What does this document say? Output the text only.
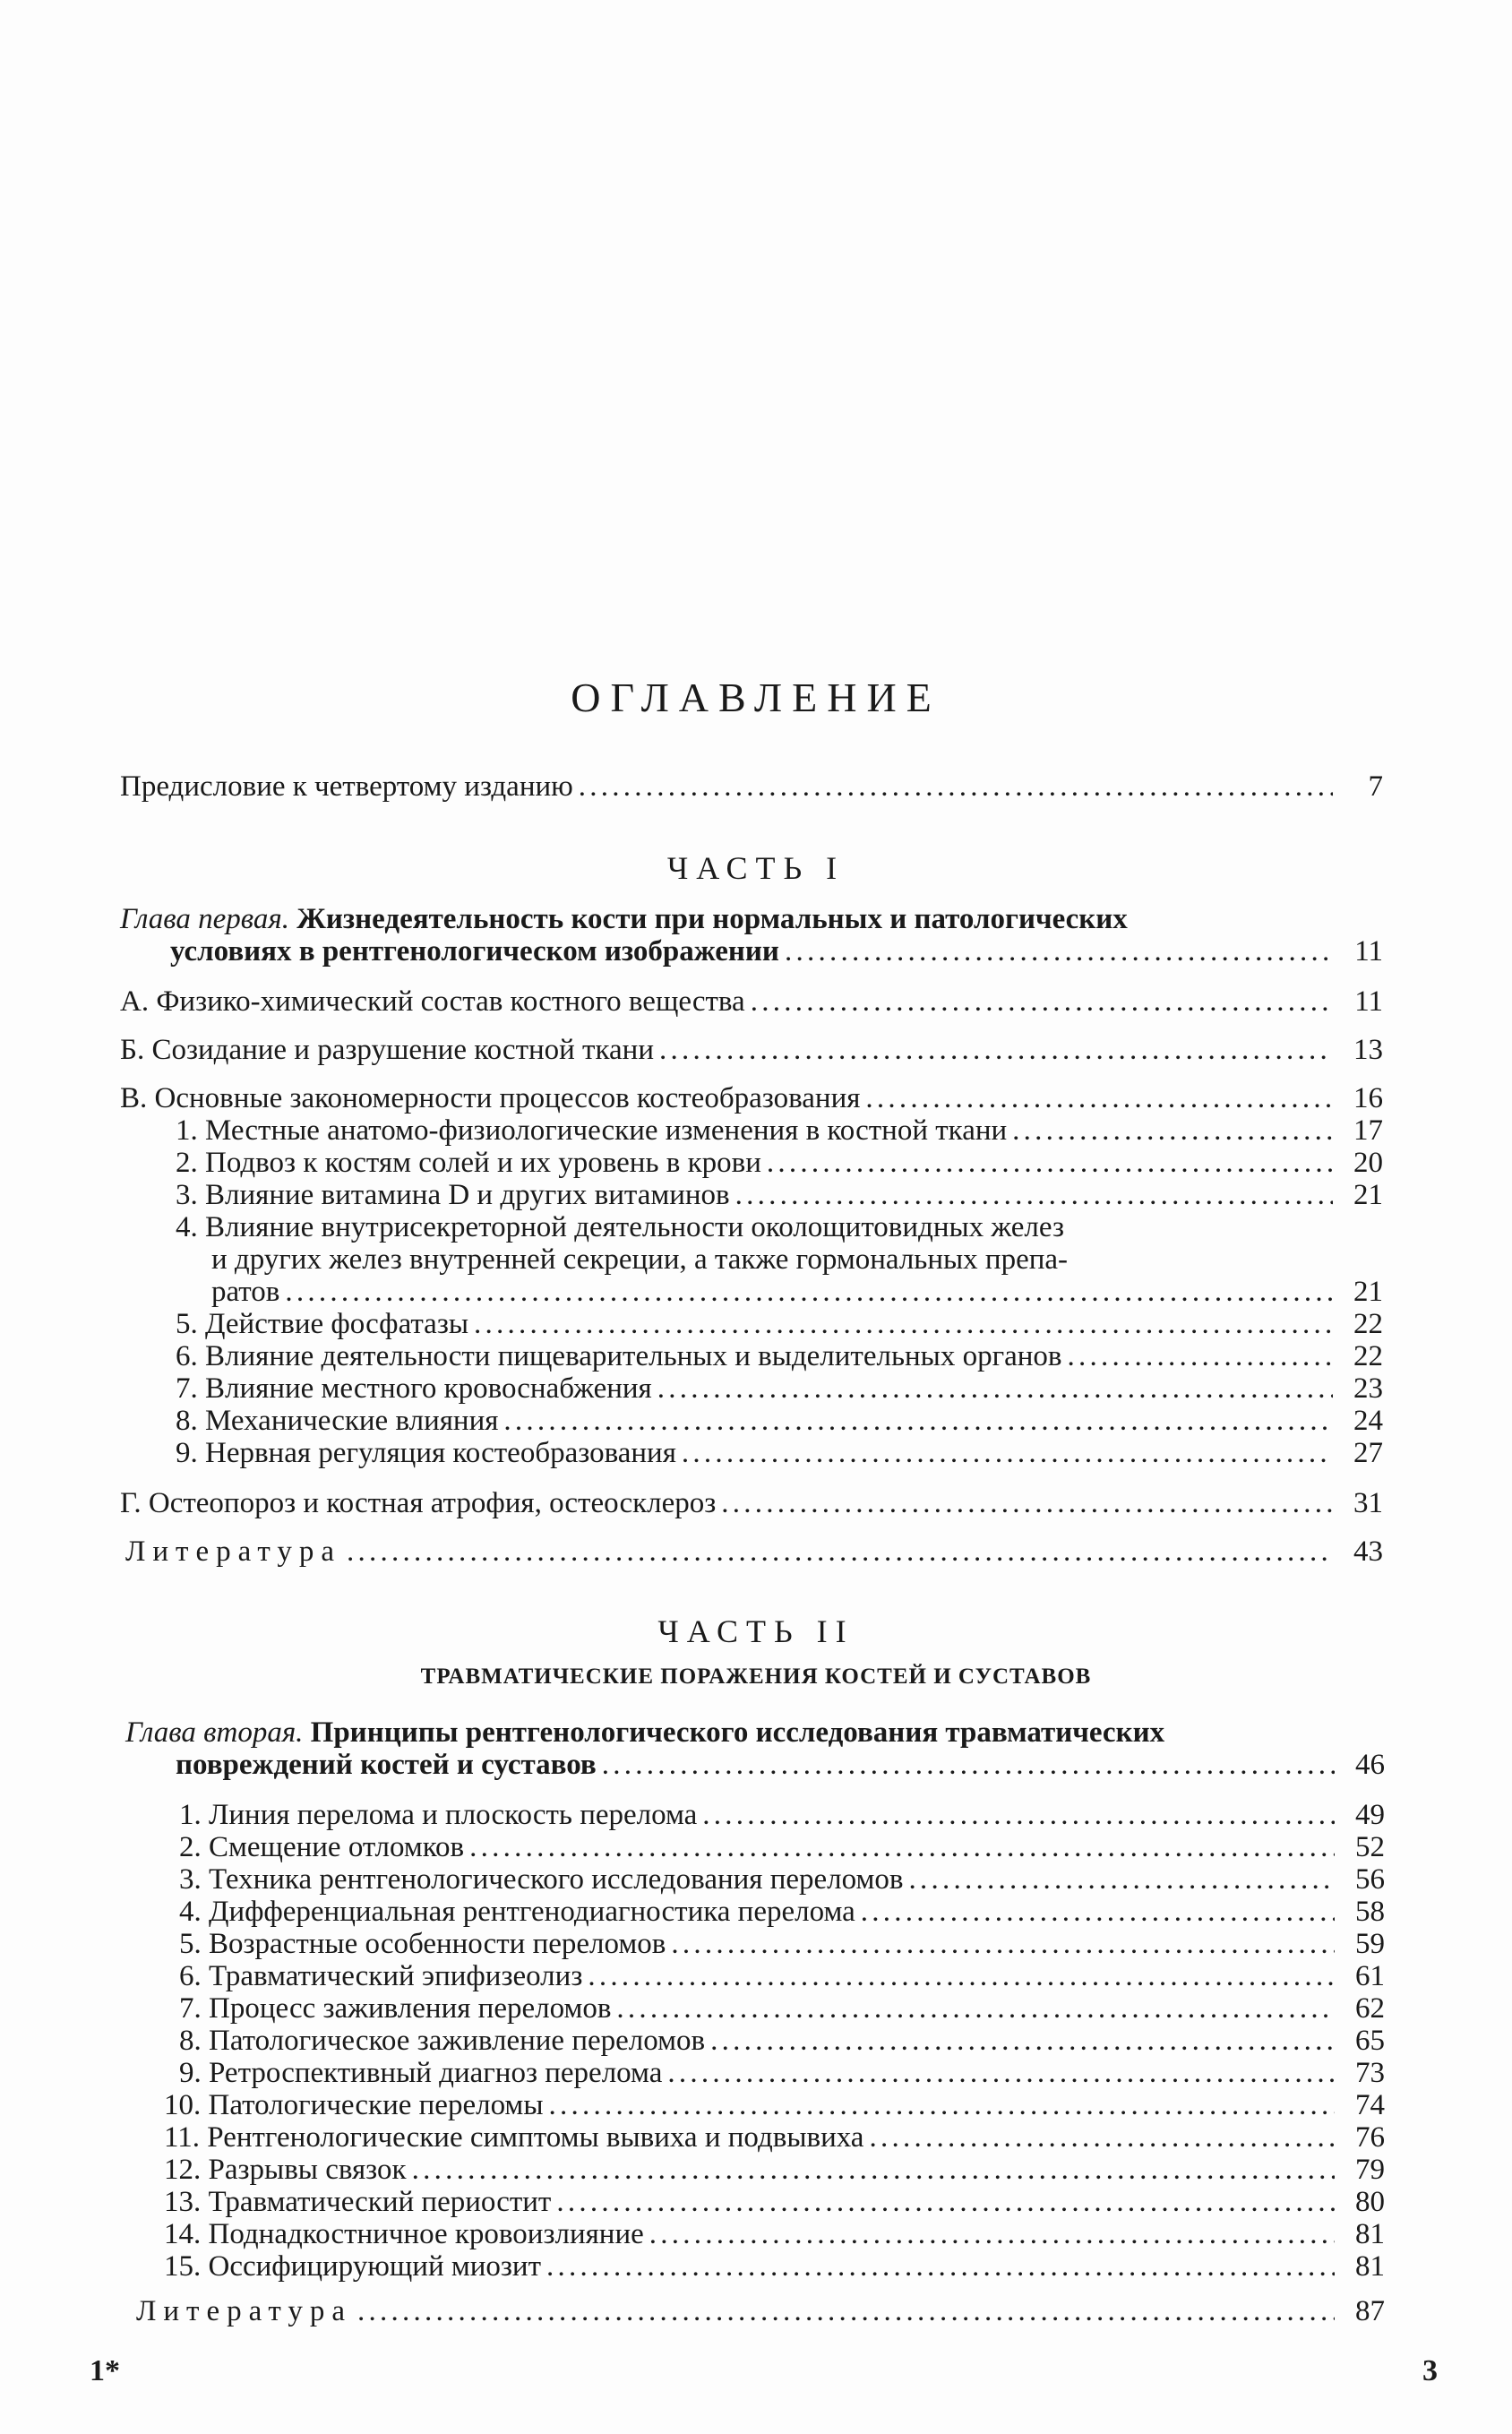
ОГЛАВЛЕНИЕ
Предисловие к четвертому изданию . . .	7
ЧАСТЬ I
Глава первая. Жизнедеятельность кости при нормальных и патологических
условиях в рентгенологическом изображении . . .	11
А. Физико-химический состав костного вещества . . .	11
Б. Созидание и разрушение костной ткани . . .	13
В. Основные закономерности процессов костеобразования . . .	16
1. Местные анатомо-физиологические изменения в костной ткани . . .	17
2. Подвоз к костям солей и их уровень в крови . . .	20
3. Влияние витамина D и других витаминов . . .	21
4. Влияние внутрисекреторной деятельности околощитовидных желез
и других желез внутренней секреции, а также гормональных препа-
ратов . . .	21
5. Действие фосфатазы . . .	22
6. Влияние деятельности пищеварительных и выделительных органов . . .	22
7. Влияние местного кровоснабжения . . .	23
8. Механические влияния . . .	24
9. Нервная регуляция костеобразования . . .	27
Г. Остеопороз и костная атрофия, остеосклероз . . .	31
Литература . . .	43
ЧАСТЬ II
ТРАВМАТИЧЕСКИЕ ПОРАЖЕНИЯ КОСТЕЙ И СУСТАВОВ
Глава вторая. Принципы рентгенологического исследования травматических
повреждений костей и суставов . . .	46
1. Линия перелома и плоскость перелома . . .	49
2. Смещение отломков . . .	52
3. Техника рентгенологического исследования переломов . . .	56
4. Дифференциальная рентгенодиагностика перелома . . .	58
5. Возрастные особенности переломов . . .	59
6. Травматический эпифизеолиз . . .	61
7. Процесс заживления переломов . . .	62
8. Патологическое заживление переломов . . .	65
9. Ретроспективный диагноз перелома . . .	73
10. Патологические переломы . . .	74
11. Рентгенологические симптомы вывиха и подвывиха . . .	76
12. Разрывы связок . . .	79
13. Травматический периостит . . .	80
14. Поднадкостничное кровоизлияние . . .	81
15. Оссифицирующий миозит . . .	81
Литература . . .	87
1*	3
